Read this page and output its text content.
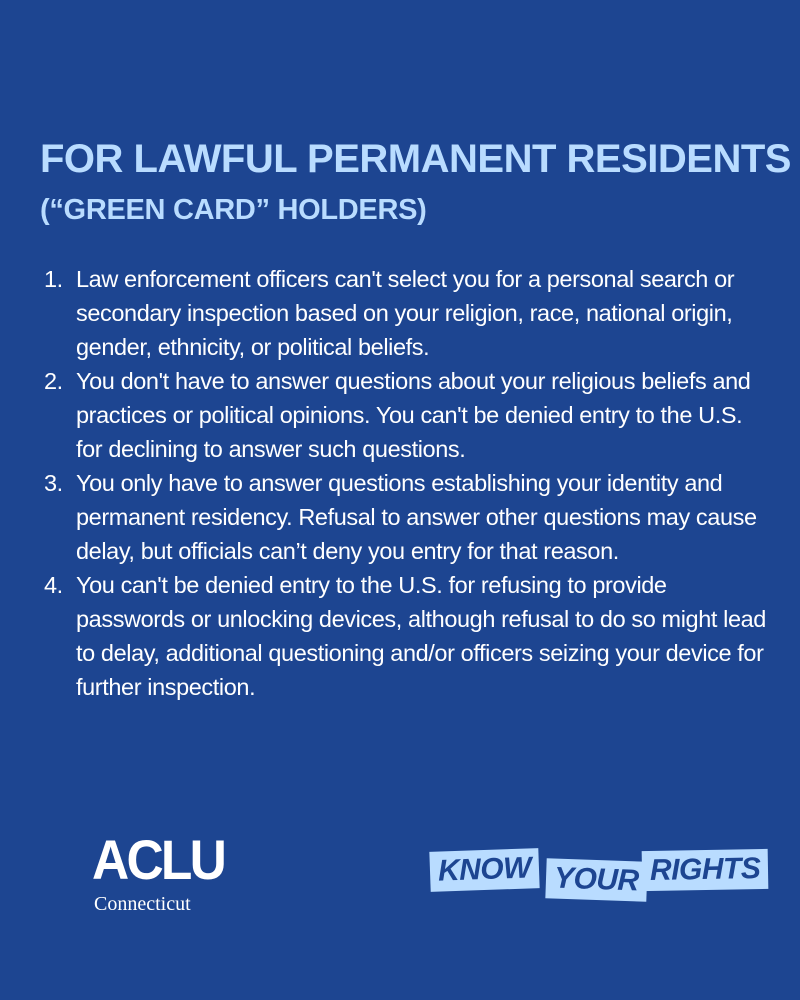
FOR LAWFUL PERMANENT RESIDENTS
(“GREEN CARD” HOLDERS)
1. Law enforcement officers can't select you for a personal search or secondary inspection based on your religion, race, national origin, gender, ethnicity, or political beliefs.
2. You don't have to answer questions about your religious beliefs and practices or political opinions. You can't be denied entry to the U.S. for declining to answer such questions.
3. You only have to answer questions establishing your identity and permanent residency. Refusal to answer other questions may cause delay, but officials can’t deny you entry for that reason.
4. You can't be denied entry to the U.S. for refusing to provide passwords or unlocking devices, although refusal to do so might lead to delay, additional questioning and/or officers seizing your device for further inspection.
ACLU
Connecticut
KNOW YOUR RIGHTS
